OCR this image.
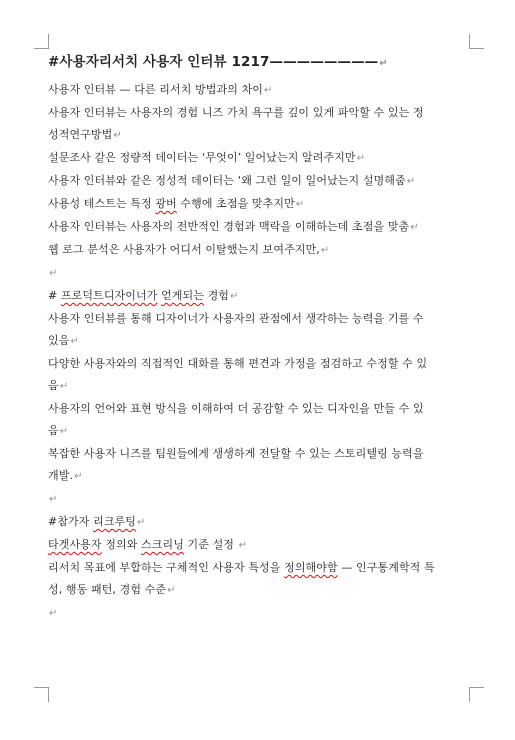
#사용자리서치 사용자 인터뷰 1217————————↵
사용자 인터뷰 — 다른 리서치 방법과의 차이↵
사용자 인터뷰는 사용자의 경험 니즈 가치 욕구를 깊이 있게 파악할 수 있는 정
성적연구방법↵
설문조사 같은 정량적 데이터는 ‘무엇이’ 일어났는지 알려주지만↵
사용자 인터뷰와 같은 정성적 데이터는 ‘왜 그런 일이 일어났는지 설명해줌↵
사용성 테스트는 특정 광버 수행에 초점을 맞추지만↵
사용자 인터뷰는 사용자의 전반적인 경험과 맥락을 이해하는데 초점을 맞춤↵
웹 로그 분석은 사용자가 어디서 이탈했는지 보여주지만,↵
↵
# 프로덕트디자이너가 얻게되는 경험↵
사용자 인터뷰를 통해 디자이너가 사용자의 관점에서 생각하는 능력을 기를 수
있음↵
다양한 사용자와의 직접적인 대화를 통해 편견과 가정을 점검하고 수정할 수 있
음↵
사용자의 언어와 표현 방식을 이해하여 더 공감할 수 있는 디자인을 만들 수 있
음↵
복잡한 사용자 니즈를 팀원들에게 생생하게 전달할 수 있는 스토리텔링 능력을
개발.↵
↵
#참가자 리크루팅↵
타겟사용자 정의와 스크리닝 기준 설정 ↵
리서치 목표에 부합하는 구체적인 사용자 특성을 정의해야함 — 인구통계학적 특
성, 행동 패턴, 경험 수준↵
↵
